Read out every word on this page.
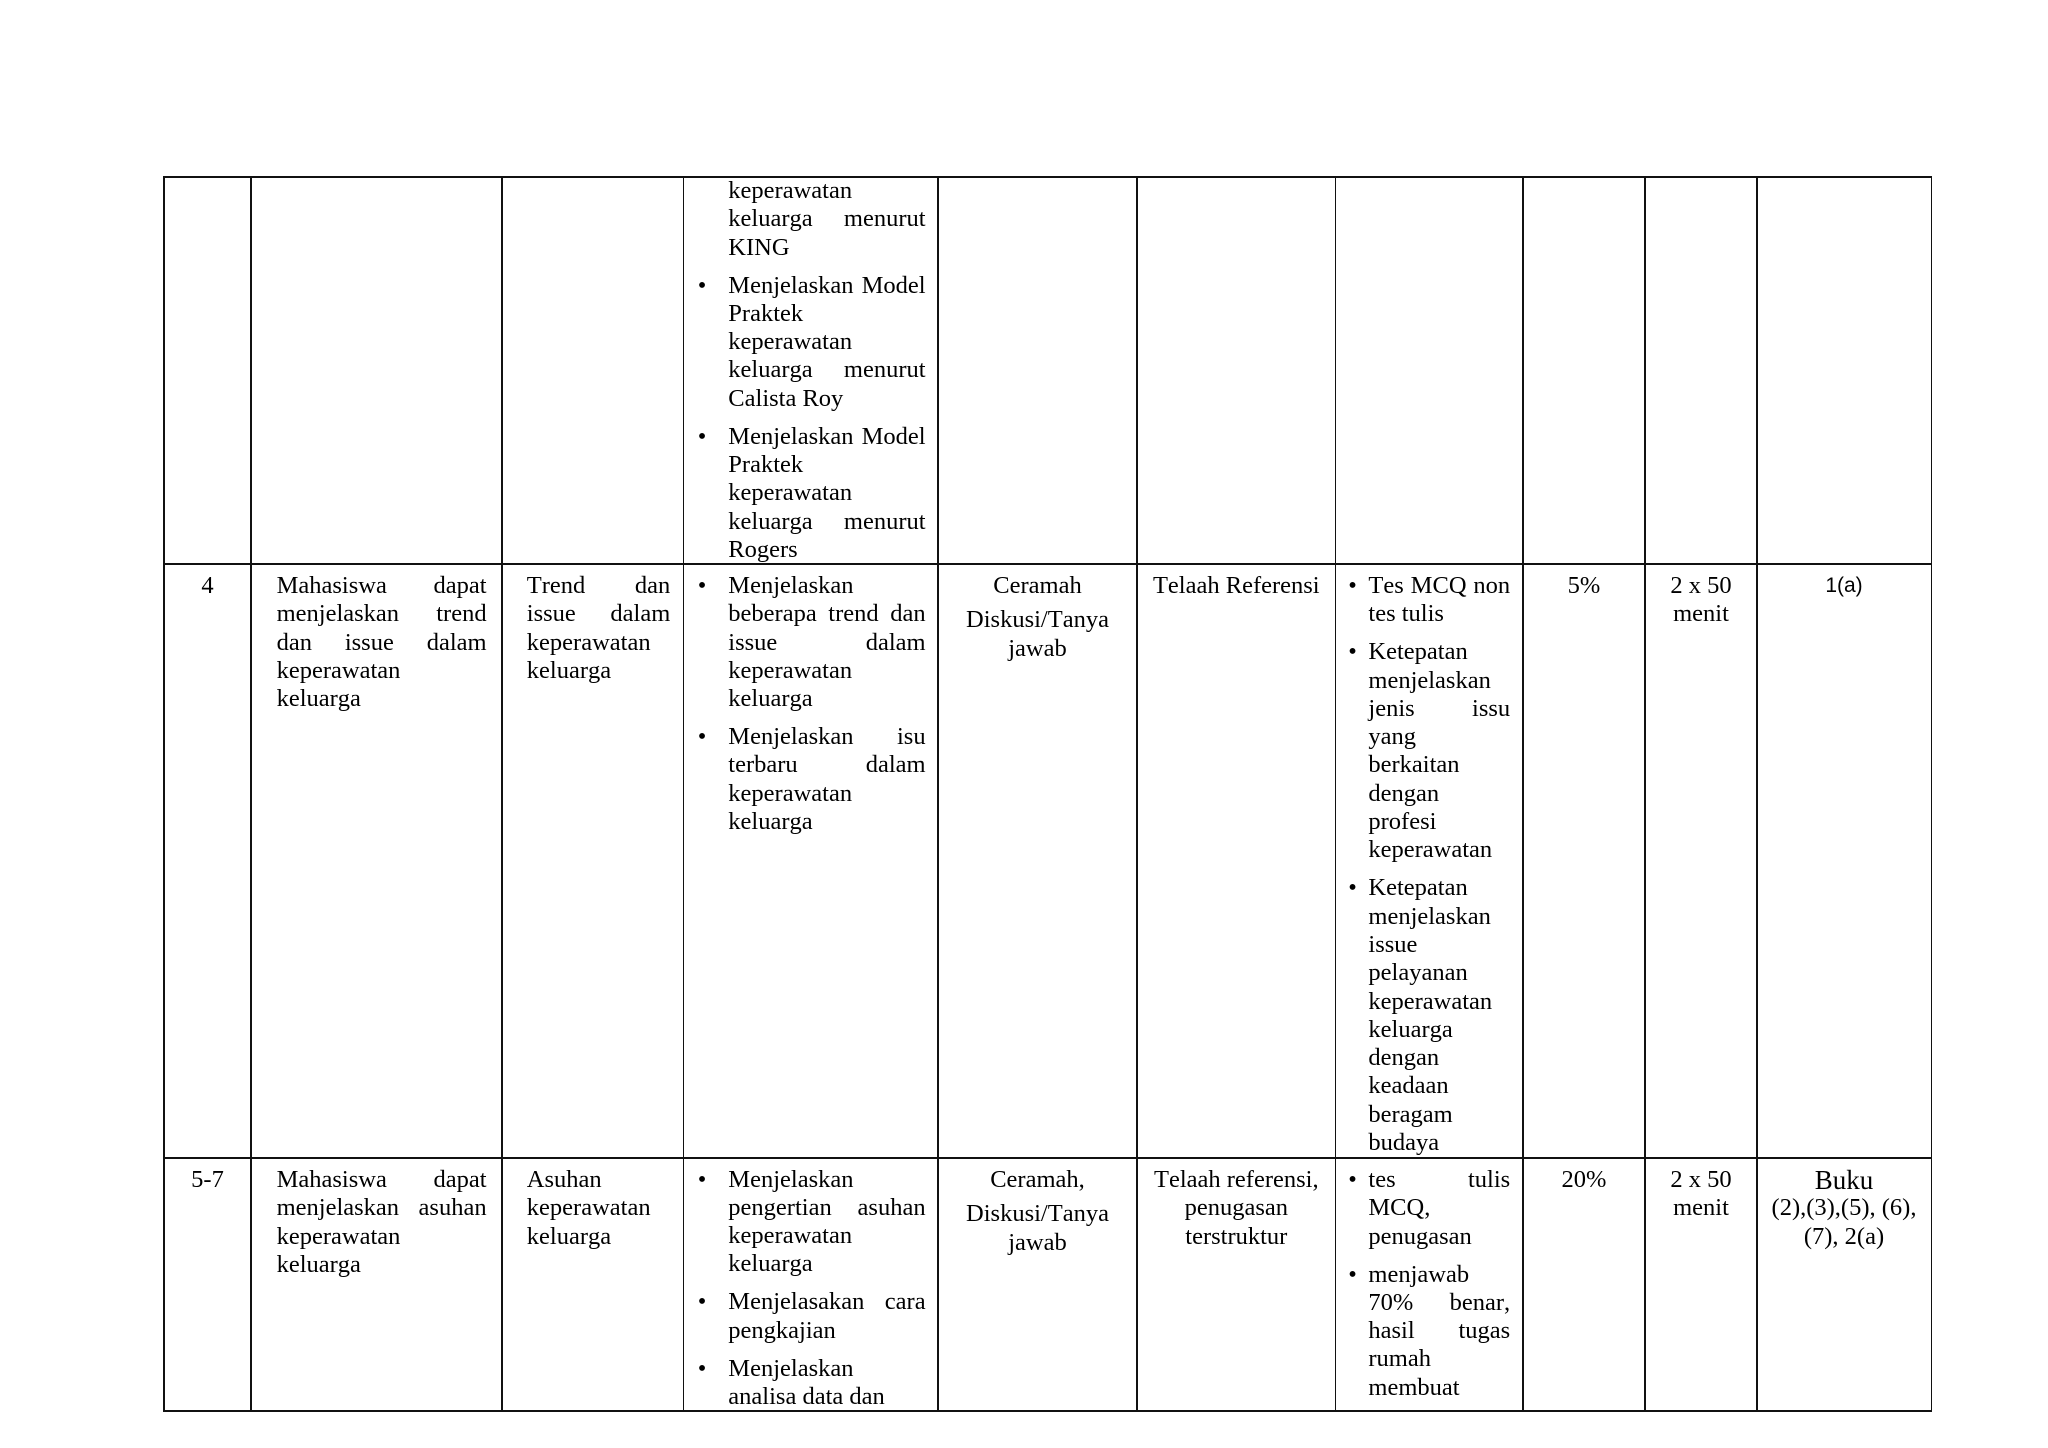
keperawatan keluarga menurut KING

• Menjelaskan Model Praktek keperawatan keluarga menurut Calista Roy
• Menjelaskan Model Praktek keperawatan keluarga menurut Rogers

4	Mahasiswa dapat menjelaskan trend dan issue dalam keperawatan keluarga

Trend dan issue dalam keperawatan keluarga

• Menjelaskan beberapa trend dan issue dalam keperawatan keluarga
• Menjelaskan isu terbaru dalam keperawatan keluarga

Ceramah

Diskusi/Tanya jawab

Telaah Referensi

•	Tes MCQ non tes tulis
• Ketepatan menjelaskan jenis issu yang berkaitan dengan profesi keperawatan
• Ketepatan menjelaskan issue pelayanan keperawatan keluarga dengan keadaan beragam budaya

5%	2 x 50 menit

1(a)

5-7	Mahasiswa dapat menjelaskan asuhan keperawatan keluarga

Asuhan keperawatan keluarga

• Menjelaskan pengertian asuhan keperawatan keluarga
• Menjelasakan cara pengkajian
• Menjelaskan analisa data dan

Ceramah,

Diskusi/Tanya jawab

Telaah referensi, penugasan terstruktur

• tes tulis MCQ, penugasan
• menjawab 70% benar, hasil tugas rumah membuat

20%	2 x 50 menit

Buku

(2),(3),(5), (6), (7), 2(a)
